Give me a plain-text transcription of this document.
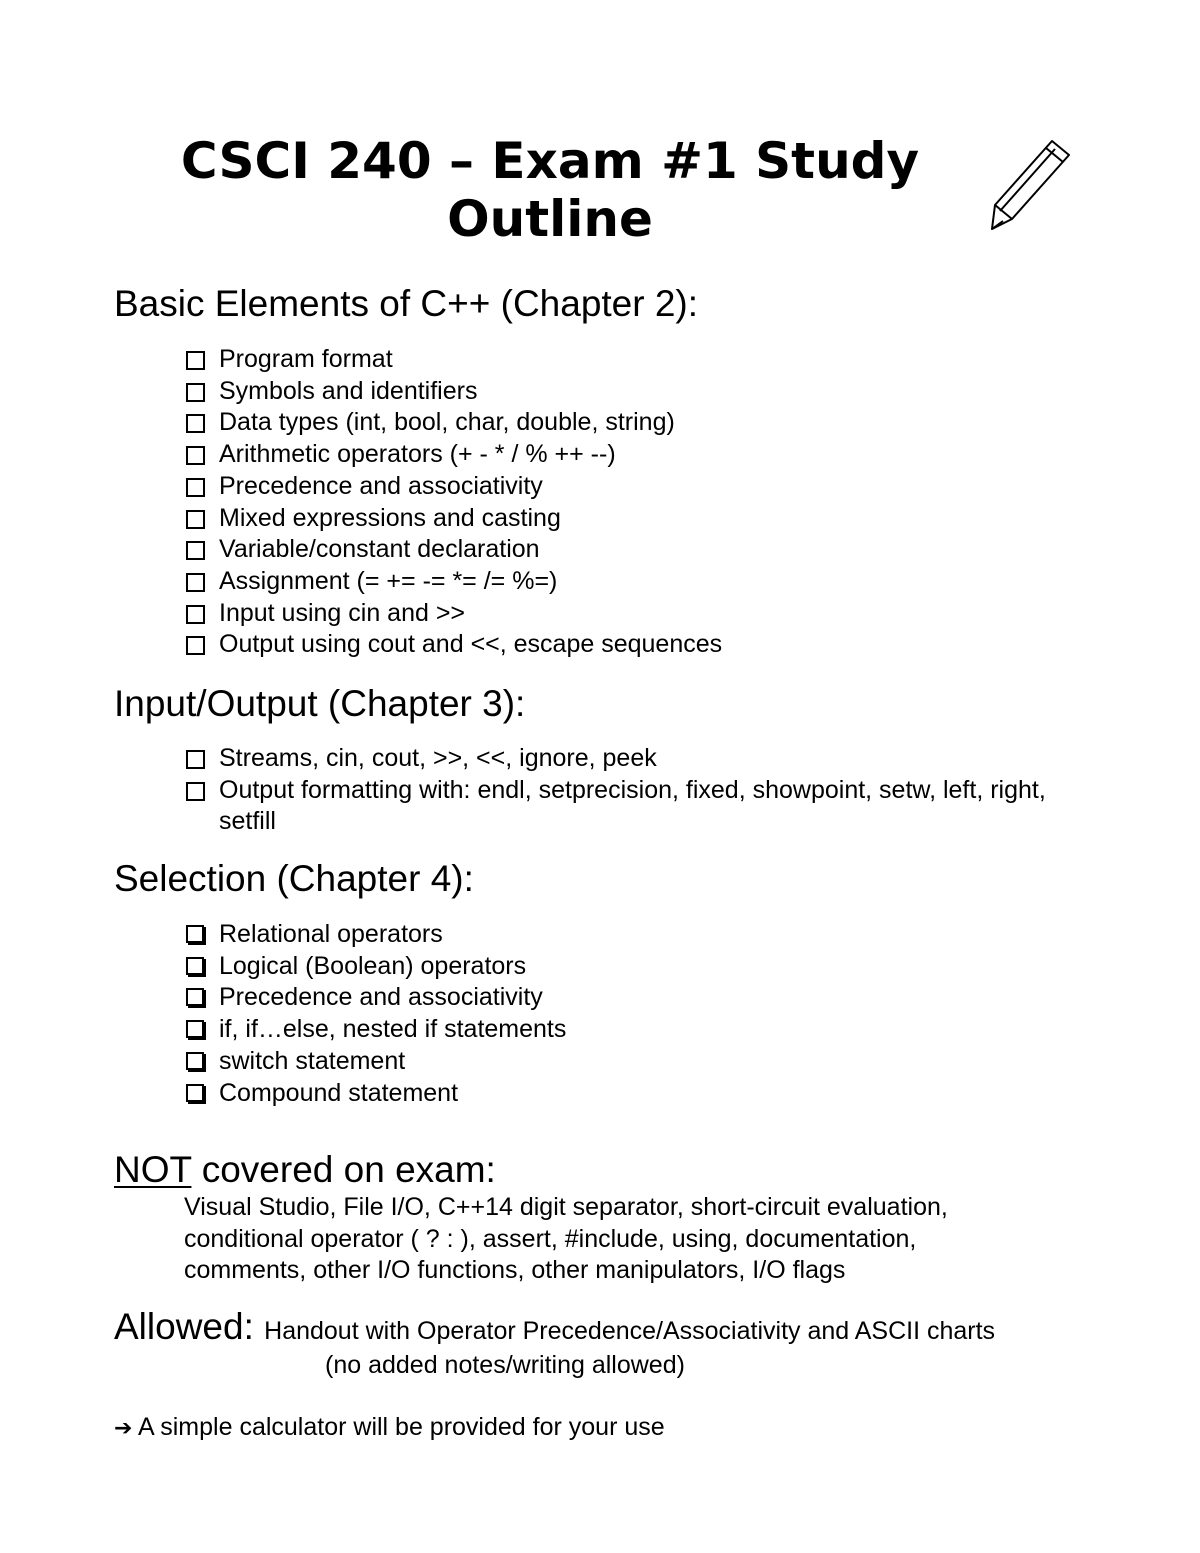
CSCI 240 – Exam #1 Study Outline
Basic Elements of C++ (Chapter 2):
Program format
Symbols and identifiers
Data types (int, bool, char, double, string)
Arithmetic operators (+ - * / % ++ --)
Precedence and associativity
Mixed expressions and casting
Variable/constant declaration
Assignment (= += -= *= /= %=)
Input using cin and >>
Output using cout and <<, escape sequences
Input/Output (Chapter 3):
Streams, cin, cout, >>, <<, ignore, peek
Output formatting with: endl, setprecision, fixed, showpoint, setw, left, right, setfill
Selection (Chapter 4):
Relational operators
Logical (Boolean) operators
Precedence and associativity
if, if…else, nested if statements
switch statement
Compound statement
NOT covered on exam:
Visual Studio, File I/O, C++14 digit separator, short-circuit evaluation,
conditional operator ( ? : ), assert, #include, using, documentation,
comments, other I/O functions, other manipulators, I/O flags
Allowed: Handout with Operator Precedence/Associativity and ASCII charts
(no added notes/writing allowed)
➔ A simple calculator will be provided for your use
